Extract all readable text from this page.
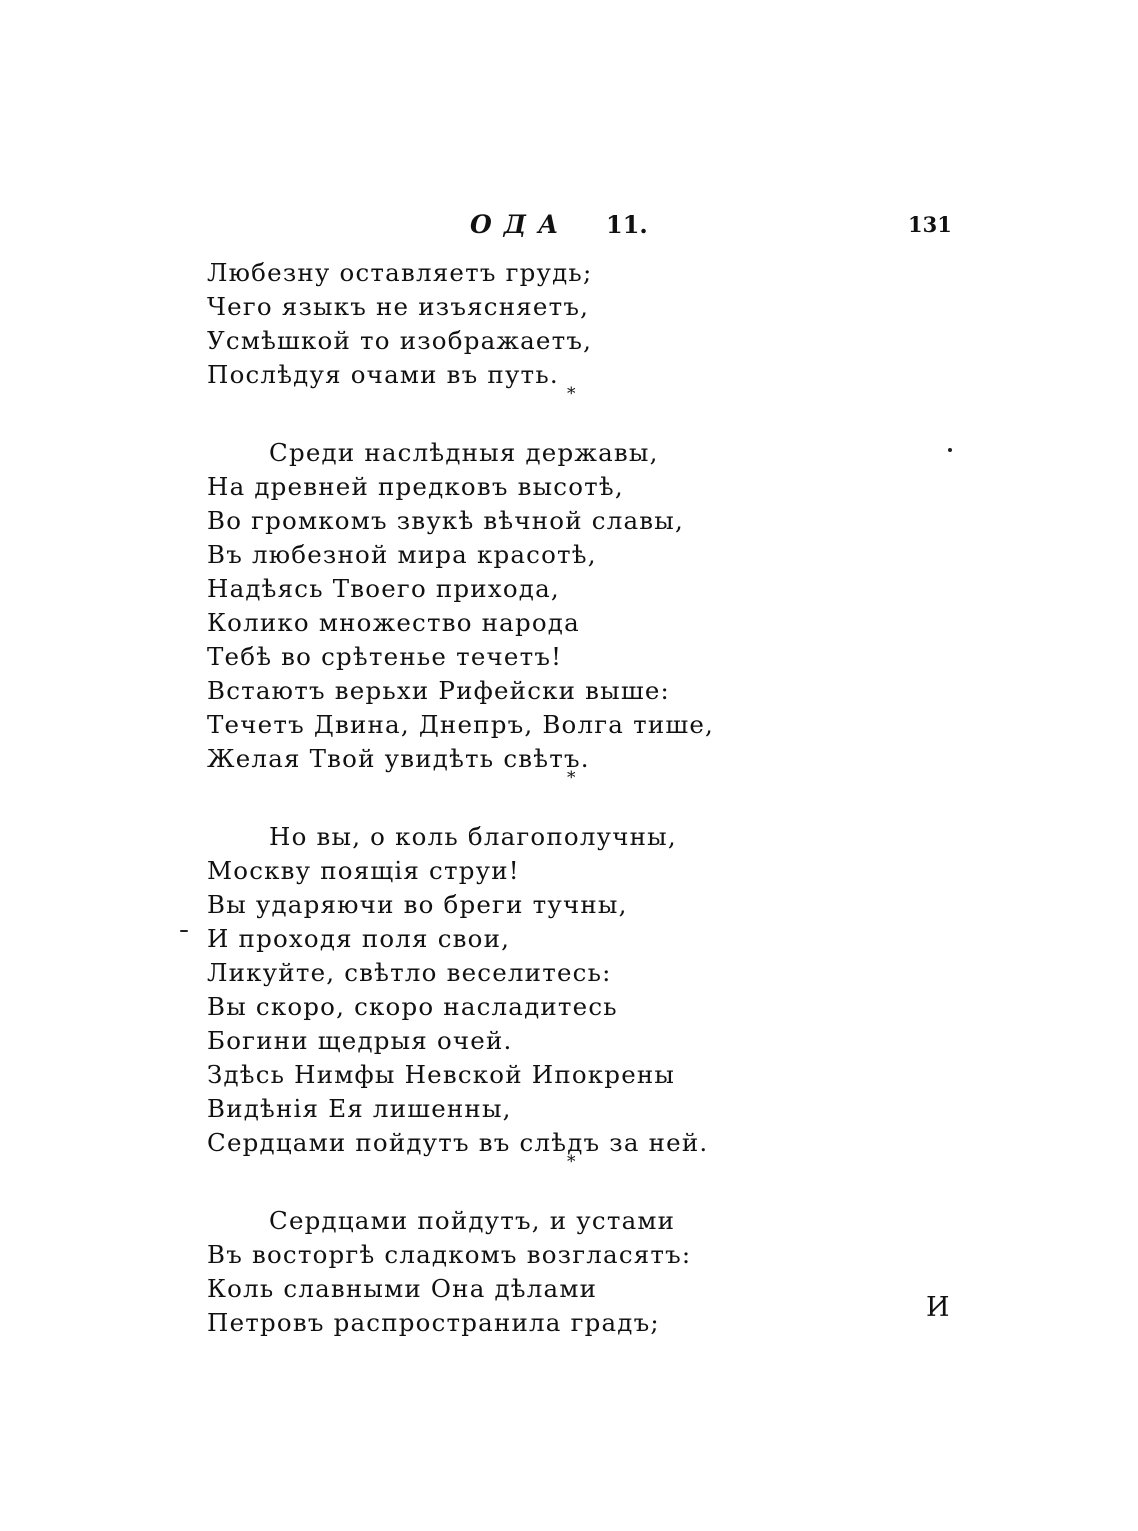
ОДА 11.	131
Любезну оставляетъ грудь;
Чего языкъ не изъясняетъ,
Усмѣшкой то изображаетъ,
Послѣдуя очами въ путь.
*
Среди наслѣдныя державы,
На древней предковъ высотѣ,
Во громкомъ звукѣ вѣчной славы,
Въ любезной мира красотѣ,
Надѣясь Твоего прихода,
Колико множество народа
Тебѣ во срѣтенье течетъ!
Встаютъ верьхи Рифейски выше:
Течетъ Двина, Днепръ, Волга тише,
Желая Твой увидѣть свѣтъ.
*
Но вы, о коль благополучны,
Москву поящія струи!
Вы ударяючи во бреги тучны,
И проходя поля свои,
Ликуйте, свѣтло веселитесь:
Вы скоро, скоро насладитесь
Богини щедрыя очей.
Здѣсь Нимфы Невской Ипокрены
Видѣнія Ея лишенны,
Сердцами пойдутъ въ слѣдъ за ней.
*
Сердцами пойдутъ, и устами
Въ восторгѣ сладкомъ возгласятъ:
Коль славными Она дѣлами
Петровъ распространила градъ;	И
